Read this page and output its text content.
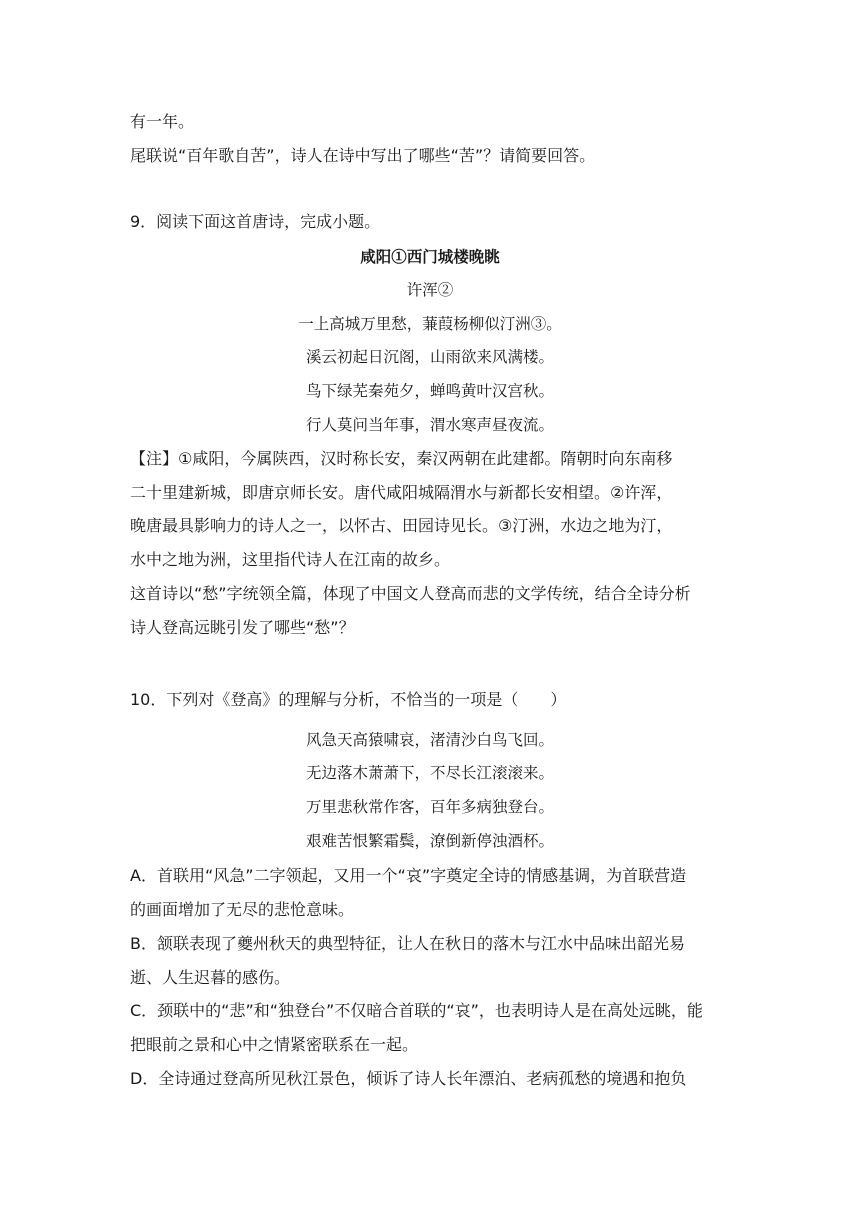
有一年。
尾联说“百年歌自苦”，诗人在诗中写出了哪些“苦”？请简要回答。
9．阅读下面这首唐诗，完成小题。
咸阳①西门城楼晚眺
许浑②
一上高城万里愁，蒹葭杨柳似汀洲③。
溪云初起日沉阁，山雨欲来风满楼。
鸟下绿芜秦苑夕，蝉鸣黄叶汉宫秋。
行人莫问当年事，渭水寒声昼夜流。
【注】①咸阳，今属陕西，汉时称长安，秦汉两朝在此建都。隋朝时向东南移
二十里建新城，即唐京师长安。唐代咸阳城隔渭水与新都长安相望。②许浑，
晚唐最具影响力的诗人之一，以怀古、田园诗见长。③汀洲，水边之地为汀，
水中之地为洲，这里指代诗人在江南的故乡。
这首诗以“愁”字统领全篇，体现了中国文人登高而悲的文学传统，结合全诗分析
诗人登高远眺引发了哪些“愁”？
10．下列对《登高》的理解与分析，不恰当的一项是（　　）
风急天高猿啸哀，渚清沙白鸟飞回。
无边落木萧萧下，不尽长江滚滚来。
万里悲秋常作客，百年多病独登台。
艰难苦恨繁霜鬓，潦倒新停浊酒杯。
A．首联用“风急”二字领起，又用一个“哀”字奠定全诗的情感基调，为首联营造
的画面增加了无尽的悲怆意味。
B．颔联表现了夔州秋天的典型特征，让人在秋日的落木与江水中品味出韶光易
逝、人生迟暮的感伤。
C．颈联中的“悲”和“独登台”不仅暗合首联的“哀”，也表明诗人是在高处远眺，能
把眼前之景和心中之情紧密联系在一起。
D．全诗通过登高所见秋江景色，倾诉了诗人长年漂泊、老病孤愁的境遇和抱负
